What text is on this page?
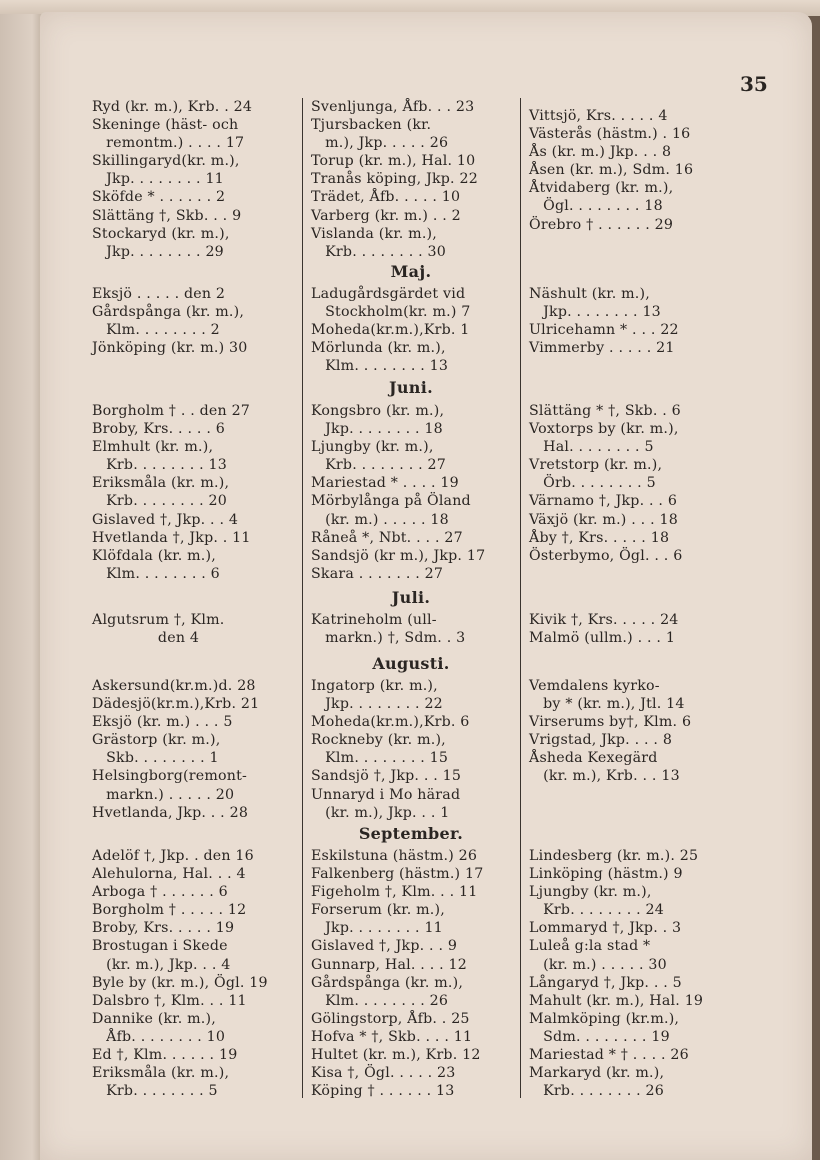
35
Ryd (kr. m.), Krb. . 24
Skeninge (häst- och
remontm.) . . . . 17
Skillingaryd(kr. m.),
Jkp. . . . . . . . 11
Sköfde * . . . . . . 2
Slättäng †, Skb. . . 9
Stockaryd (kr. m.),
Jkp. . . . . . . . 29
Svenljunga, Åfb. . . 23
Tjursbacken (kr.
m.), Jkp. . . . . 26
Torup (kr. m.), Hal. 10
Tranås köping, Jkp. 22
Trädet, Åfb. . . . . 10
Varberg (kr. m.) . . 2
Vislanda (kr. m.),
Krb. . . . . . . . 30
Vittsjö, Krs. . . . . 4
Västerås (hästm.) . 16
Ås (kr. m.) Jkp. . . 8
Åsen (kr. m.), Sdm. 16
Åtvidaberg (kr. m.),
Ögl. . . . . . . . 18
Örebro † . . . . . . 29
Maj.
Eksjö . . . . . den 2
Gårdspånga (kr. m.),
Klm. . . . . . . . 2
Jönköping (kr. m.) 30
Ladugårdsgärdet vid
Stockholm(kr. m.) 7
Moheda(kr.m.),Krb. 1
Mörlunda (kr. m.),
Klm. . . . . . . . 13
Näshult (kr. m.),
Jkp. . . . . . . . 13
Ulricehamn * . . . 22
Vimmerby . . . . . 21
Juni.
Borgholm † . . den 27
Broby, Krs. . . . . 6
Elmhult (kr. m.),
Krb. . . . . . . . 13
Eriksmåla (kr. m.),
Krb. . . . . . . . 20
Gislaved †, Jkp. . . 4
Hvetlanda †, Jkp. . 11
Klöfdala (kr. m.),
Klm. . . . . . . . 6
Kongsbro (kr. m.),
Jkp. . . . . . . . 18
Ljungby (kr. m.),
Krb. . . . . . . . 27
Mariestad * . . . . 19
Mörbylånga på Öland
(kr. m.) . . . . . 18
Råneå *, Nbt. . . . 27
Sandsjö (kr m.), Jkp. 17
Skara . . . . . . . 27
Slättäng * †, Skb. . 6
Voxtorps by (kr. m.),
Hal. . . . . . . . 5
Vretstorp (kr. m.),
Örb. . . . . . . . 5
Värnamo †, Jkp. . . 6
Växjö (kr. m.) . . . 18
Åby †, Krs. . . . . 18
Österbymo, Ögl. . . 6
Juli.
Algutsrum †, Klm.
den 4
Katrineholm (ull-
markn.) †, Sdm. . 3
Kivik †, Krs. . . . . 24
Malmö (ullm.) . . . 1
Augusti.
Askersund(kr.m.)d. 28
Dädesjö(kr.m.),Krb. 21
Eksjö (kr. m.) . . . 5
Grästorp (kr. m.),
Skb. . . . . . . . 1
Helsingborg(remont-
markn.) . . . . . 20
Hvetlanda, Jkp. . . 28
Ingatorp (kr. m.),
Jkp. . . . . . . . 22
Moheda(kr.m.),Krb. 6
Rockneby (kr. m.),
Klm. . . . . . . . 15
Sandsjö †, Jkp. . . 15
Unnaryd i Mo härad
(kr. m.), Jkp. . . 1
Vemdalens kyrko-
by * (kr. m.), Jtl. 14
Virserums by†, Klm. 6
Vrigstad, Jkp. . . . 8
Åsheda Kexegärd
(kr. m.), Krb. . . 13
September.
Adelöf †, Jkp. . den 16
Alehulorna, Hal. . . 4
Arboga † . . . . . . 6
Borgholm † . . . . . 12
Broby, Krs. . . . . 19
Brostugan i Skede
(kr. m.), Jkp. . . 4
Byle by (kr. m.), Ögl. 19
Dalsbro †, Klm. . . 11
Dannike (kr. m.),
Åfb. . . . . . . . 10
Ed †, Klm. . . . . . 19
Eriksmåla (kr. m.),
Krb. . . . . . . . 5
Eskilstuna (hästm.) 26
Falkenberg (hästm.) 17
Figeholm †, Klm. . . 11
Forserum (kr. m.),
Jkp. . . . . . . . 11
Gislaved †, Jkp. . . 9
Gunnarp, Hal. . . . 12
Gårdspånga (kr. m.),
Klm. . . . . . . . 26
Gölingstorp, Åfb. . 25
Hofva * †, Skb. . . . 11
Hultet (kr. m.), Krb. 12
Kisa †, Ögl. . . . . 23
Köping † . . . . . . 13
Lindesberg (kr. m.). 25
Linköping (hästm.) 9
Ljungby (kr. m.),
Krb. . . . . . . . 24
Lommaryd †, Jkp. . 3
Luleå g:la stad *
(kr. m.) . . . . . 30
Långaryd †, Jkp. . . 5
Mahult (kr. m.), Hal. 19
Malmköping (kr.m.),
Sdm. . . . . . . . 19
Mariestad * † . . . . 26
Markaryd (kr. m.),
Krb. . . . . . . . 26
